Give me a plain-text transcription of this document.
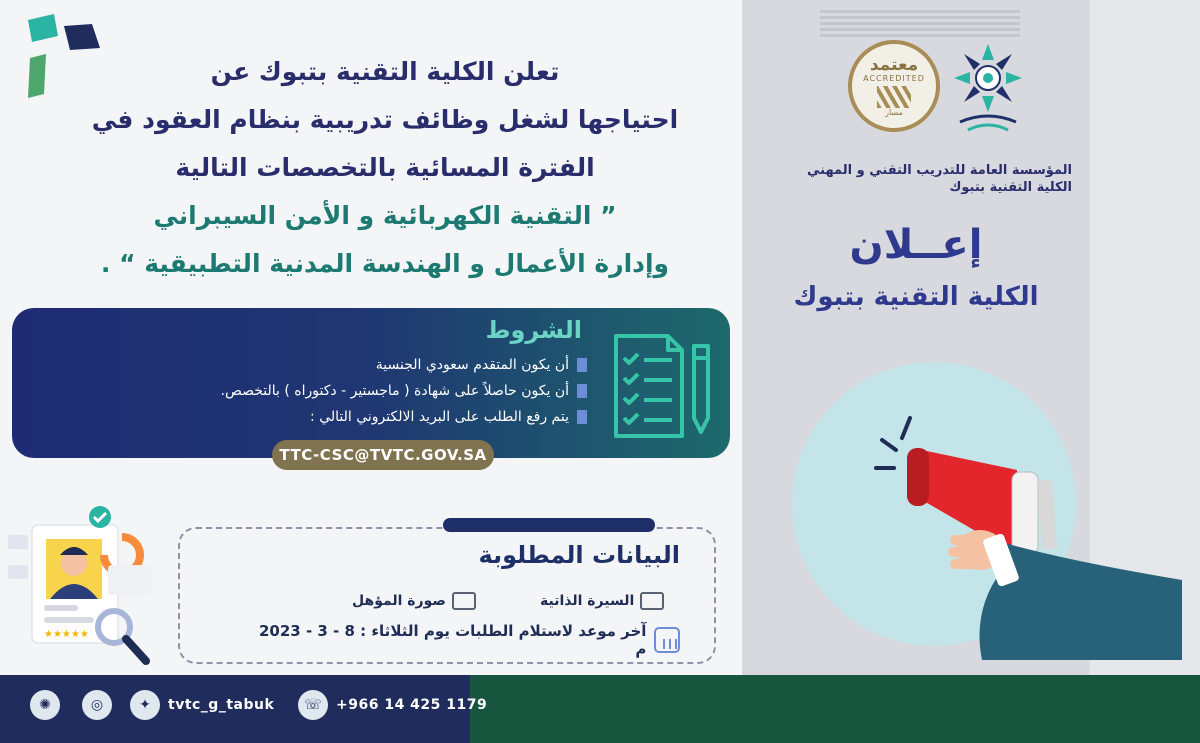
معتمد
ACCREDITED
مسار
المؤسسة العامة للتدريب التقني و المهني
الكلية التقنية بتبوك
إعــلان
الكلية التقنية بتبوك
تعلن الكلية التقنية بتبوك عن
احتياجها لشغل وظائف تدريبية بنظام العقود في
الفترة المسائية بالتخصصات التالية
” التقنية الكهربائية و الأمن السيبراني
وإدارة الأعمال و الهندسة المدنية التطبيقية “ .
الشروط
أن يكون المتقدم سعودي الجنسية
أن يكون حاصلاً على شهادة ( ماجستير - دكتوراه ) بالتخصص.
يتم رفع الطلب على البريد الالكتروني التالي :
TTC-CSC@TVTC.GOV.SA
البيانات المطلوبة
السيرة الذاتية
صورة المؤهل
آخر موعد لاستلام الطلبات يوم الثلاثاء : 8 - 3 - 2023 م
★★★★★
✺	◎	✦	tvtc_g_tabuk	☏	+966 14 425 1179
